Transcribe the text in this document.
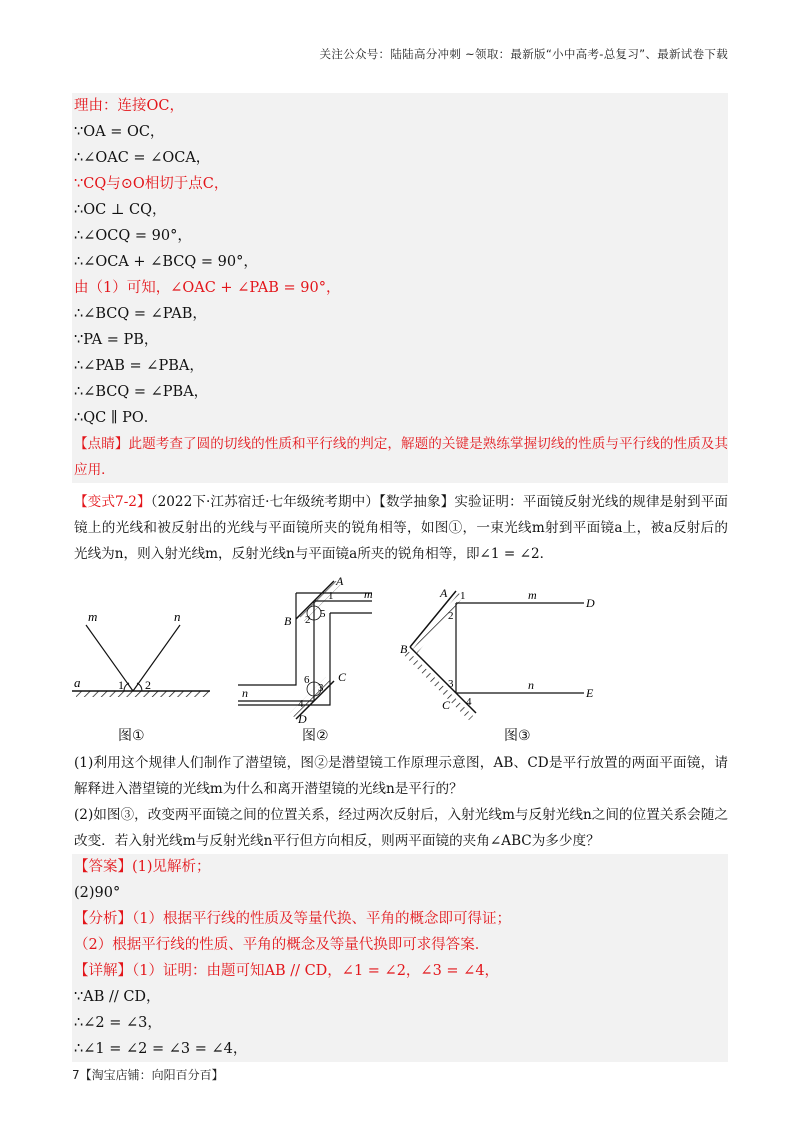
关注公众号：陆陆高分冲刺 ~领取：最新版“小中高考-总复习”、最新试卷下载
理由：连接OC，
∵OA = OC，
∴∠OAC = ∠OCA，
∵CQ与⊙O相切于点C，
∴OC ⊥ CQ，
∴∠OCQ = 90°，
∴∠OCA + ∠BCQ = 90°，
由（1）可知，∠OAC + ∠PAB = 90°，
∴∠BCQ = ∠PAB，
∵PA = PB，
∴∠PAB = ∠PBA，
∴∠BCQ = ∠PBA，
∴QC ∥ PO．
【点睛】此题考查了圆的切线的性质和平行线的判定，解题的关键是熟练掌握切线的性质与平行线的性质及其应用．
【变式7-2】（2022下·江苏宿迁·七年级统考期中）【数学抽象】实验证明：平面镜反射光线的规律是射到平面镜上的光线和被反射出的光线与平面镜所夹的锐角相等，如图①，一束光线m射到平面镜a上，被a反射后的光线为n，则入射光线m，反射光线n与平面镜a所夹的锐角相等，即∠1 = ∠2．
m	n
a	1 2
A
B
C
D
m
n
1
2 5
6
3
4
A
B
C
D
E
m
n
1
2
3
4
图①	图②	图③
(1)利用这个规律人们制作了潜望镜，图②是潜望镜工作原理示意图，AB、CD是平行放置的两面平面镜，请解释进入潜望镜的光线m为什么和离开潜望镜的光线n是平行的？
(2)如图③，改变两平面镜之间的位置关系，经过两次反射后，入射光线m与反射光线n之间的位置关系会随之改变．若入射光线m与反射光线n平行但方向相反，则两平面镜的夹角∠ABC为多少度？
【答案】(1)见解析；
(2)90°
【分析】（1）根据平行线的性质及等量代换、平角的概念即可得证；
（2）根据平行线的性质、平角的概念及等量代换即可求得答案．
【详解】（1）证明：由题可知AB // CD，∠1 = ∠2，∠3 = ∠4，
∵AB // CD，
∴∠2 = ∠3，
∴∠1 = ∠2 = ∠3 = ∠4，
7【淘宝店铺：向阳百分百】
